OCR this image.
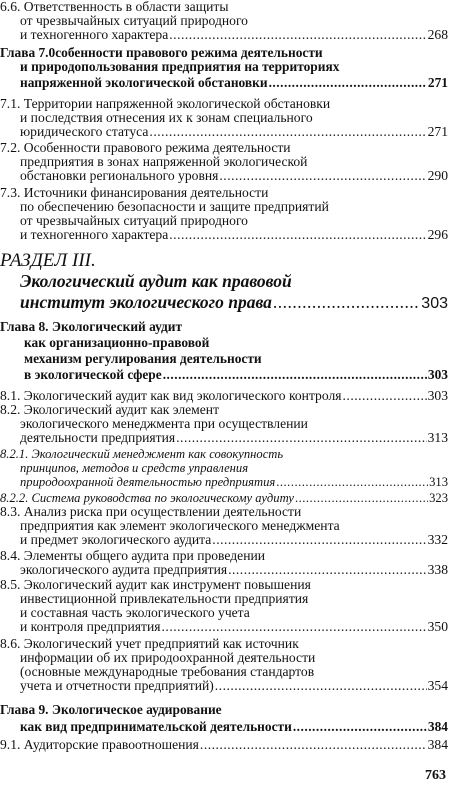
6.6. Ответственность в области защиты
от чрезвычайных ситуаций природного
и техногенного характера .....	268
Глава 7.0собенности правового режима деятельности
и природопользования предприятия на территориях
напряженной экологической обстановки .....	271
7.1. Территории напряженной экологической обстановки
и последствия отнесения их к зонам специального
юридического статуса .....	271
7.2. Особенности правового режима деятельности
предприятия в зонах напряженной экологической
обстановки регионального уровня .....	290
7.3. Источники финансирования деятельности
по обеспечению безопасности и защите предприятий
от чрезвычайных ситуаций природного
и техногенного характера .....	296
РАЗДЕЛ III.
Экологический аудит как правовой
институт экологического права .....	303
Глава 8. Экологический аудит
как организационно-правовой
механизм регулирования деятельности
в экологической сфере .....	303
8.1. Экологический аудит как вид экологического контроля .....	303
8.2. Экологический аудит как элемент
экологического менеджмента при осуществлении
деятельности предприятия .....	313
8.2.1. Экологический менеджмент как совокупность
принципов, методов и средств управления
природоохранной деятельностью предприятия .....	313
8.2.2. Система руководства по экологическому аудиту .....	323
8.3. Анализ риска при осуществлении деятельности
предприятия как элемент экологического менеджмента
и предмет экологического аудита .....	332
8.4. Элементы общего аудита при проведении
экологического аудита предприятия .....	338
8.5. Экологический аудит как инструмент повышения
инвестиционной привлекательности предприятия
и составная часть экологического учета
и контроля предприятия .....	350
8.6. Экологический учет предприятий как источник
информации об их природоохранной деятельности
(основные международные требования стандартов
учета и отчетности предприятий) .....	354
Глава 9. Экологическое аудирование
как вид предпринимательской деятельности .....	384
9.1. Аудиторские правоотношения .....	384
763
